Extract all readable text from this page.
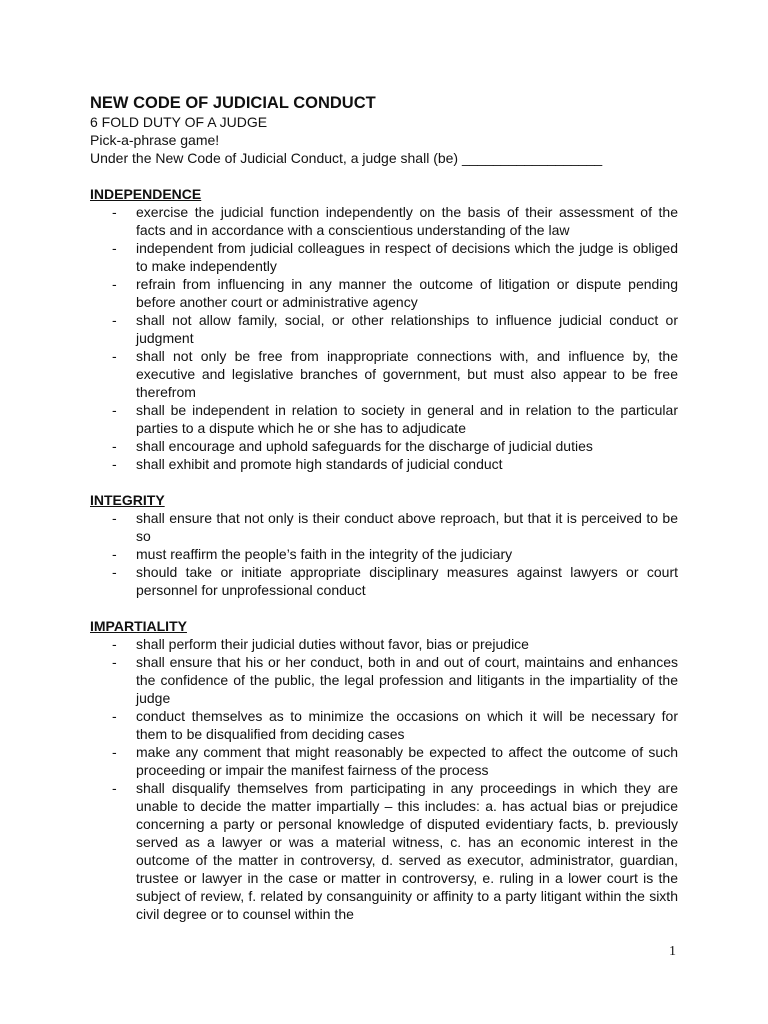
NEW CODE OF JUDICIAL CONDUCT

6 FOLD DUTY OF A JUDGE

Pick-a-phrase game!

Under the New Code of Judicial Conduct, a judge shall (be) __________________

INDEPENDENCE
- exercise the judicial function independently on the basis of their assessment of the facts and in accordance with a conscientious understanding of the law
- independent from judicial colleagues in respect of decisions which the judge is obliged to make independently
- refrain from influencing in any manner the outcome of litigation or dispute pending before another court or administrative agency
- shall not allow family, social, or other relationships to influence judicial conduct or judgment
- shall not only be free from inappropriate connections with, and influence by, the executive and legislative branches of government, but must also appear to be free therefrom
- shall be independent in relation to society in general and in relation to the particular parties to a dispute which he or she has to adjudicate
- shall encourage and uphold safeguards for the discharge of judicial duties
- shall exhibit and promote high standards of judicial conduct
INTEGRITY
- shall ensure that not only is their conduct above reproach, but that it is perceived to be so
- must reaffirm the people’s faith in the integrity of the judiciary
- should take or initiate appropriate disciplinary measures against lawyers or court personnel for unprofessional conduct
IMPARTIALITY
- shall perform their judicial duties without favor, bias or prejudice
- shall ensure that his or her conduct, both in and out of court, maintains and enhances the confidence of the public, the legal profession and litigants in the impartiality of the judge
- conduct themselves as to minimize the occasions on which it will be necessary for them to be disqualified from deciding cases
- make any comment that might reasonably be expected to affect the outcome of such proceeding or impair the manifest fairness of the process
- shall disqualify themselves from participating in any proceedings in which they are unable to decide the matter impartially – this includes: a. has actual bias or prejudice concerning a party or personal knowledge of disputed evidentiary facts, b. previously served as a lawyer or was a material witness, c. has an economic interest in the outcome of the matter in controversy, d. served as executor, administrator, guardian, trustee or lawyer in the case or matter in controversy, e. ruling in a lower court is the subject of review, f. related by consanguinity or affinity to a party litigant within the sixth civil degree or to counsel within the
1
